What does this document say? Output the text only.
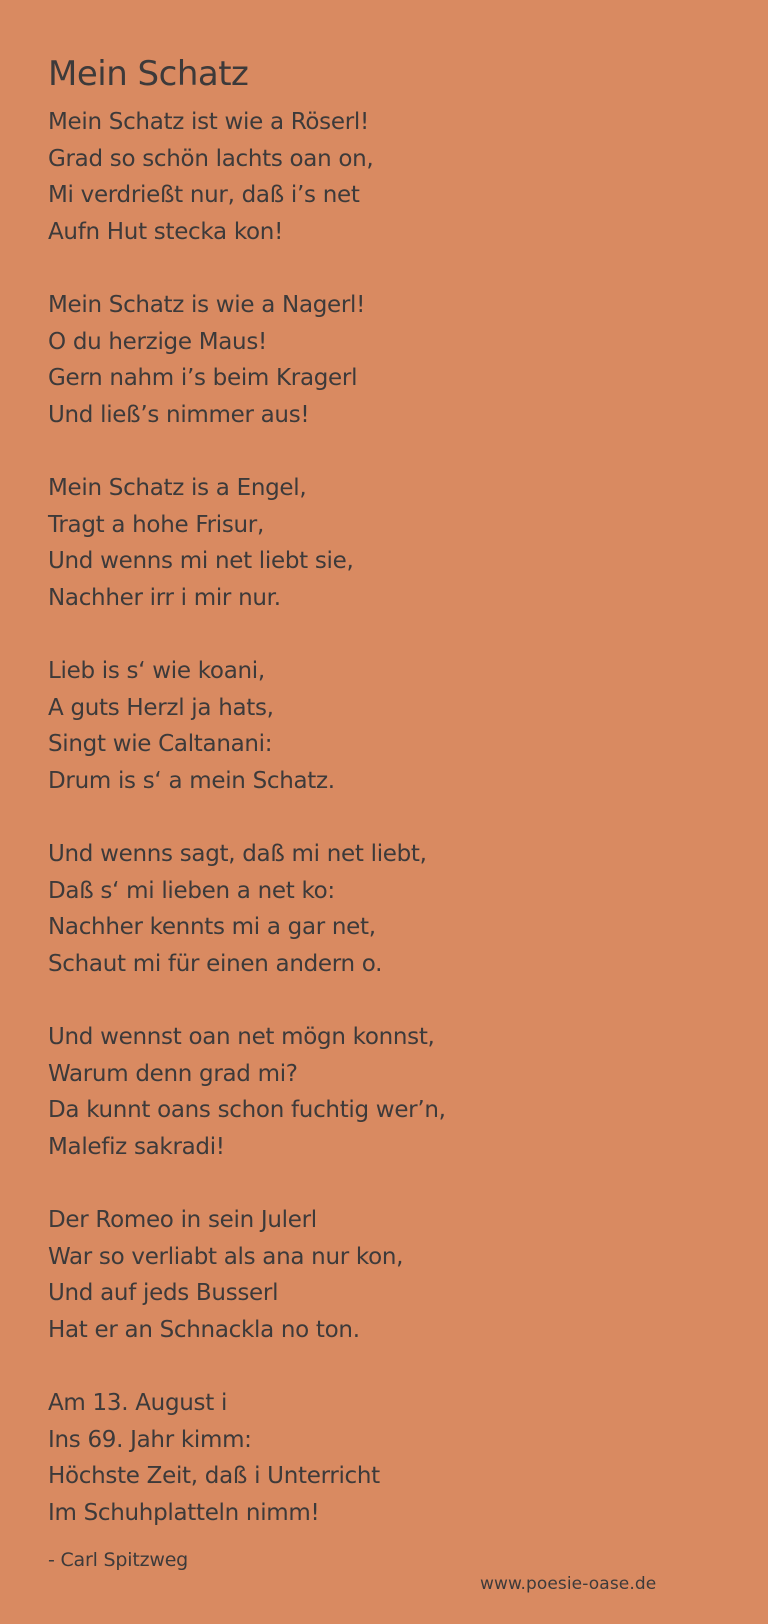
Mein Schatz
Mein Schatz ist wie a Röserl!
Grad so schön lachts oan on,
Mi verdrießt nur, daß i’s net
Aufn Hut stecka kon!
Mein Schatz is wie a Nagerl!
O du herzige Maus!
Gern nahm i’s beim Kragerl
Und ließ’s nimmer aus!
Mein Schatz is a Engel,
Tragt a hohe Frisur,
Und wenns mi net liebt sie,
Nachher irr i mir nur.
Lieb is s‘ wie koani,
A guts Herzl ja hats,
Singt wie Caltanani:
Drum is s‘ a mein Schatz.
Und wenns sagt, daß mi net liebt,
Daß s‘ mi lieben a net ko:
Nachher kennts mi a gar net,
Schaut mi für einen andern o.
Und wennst oan net mögn konnst,
Warum denn grad mi?
Da kunnt oans schon fuchtig wer’n,
Malefiz sakradi!
Der Romeo in sein Julerl
War so verliabt als ana nur kon,
Und auf jeds Busserl
Hat er an Schnackla no ton.
Am 13. August i
Ins 69. Jahr kimm:
Höchste Zeit, daß i Unterricht
Im Schuhplatteln nimm!
- Carl Spitzweg
www.poesie-oase.de
